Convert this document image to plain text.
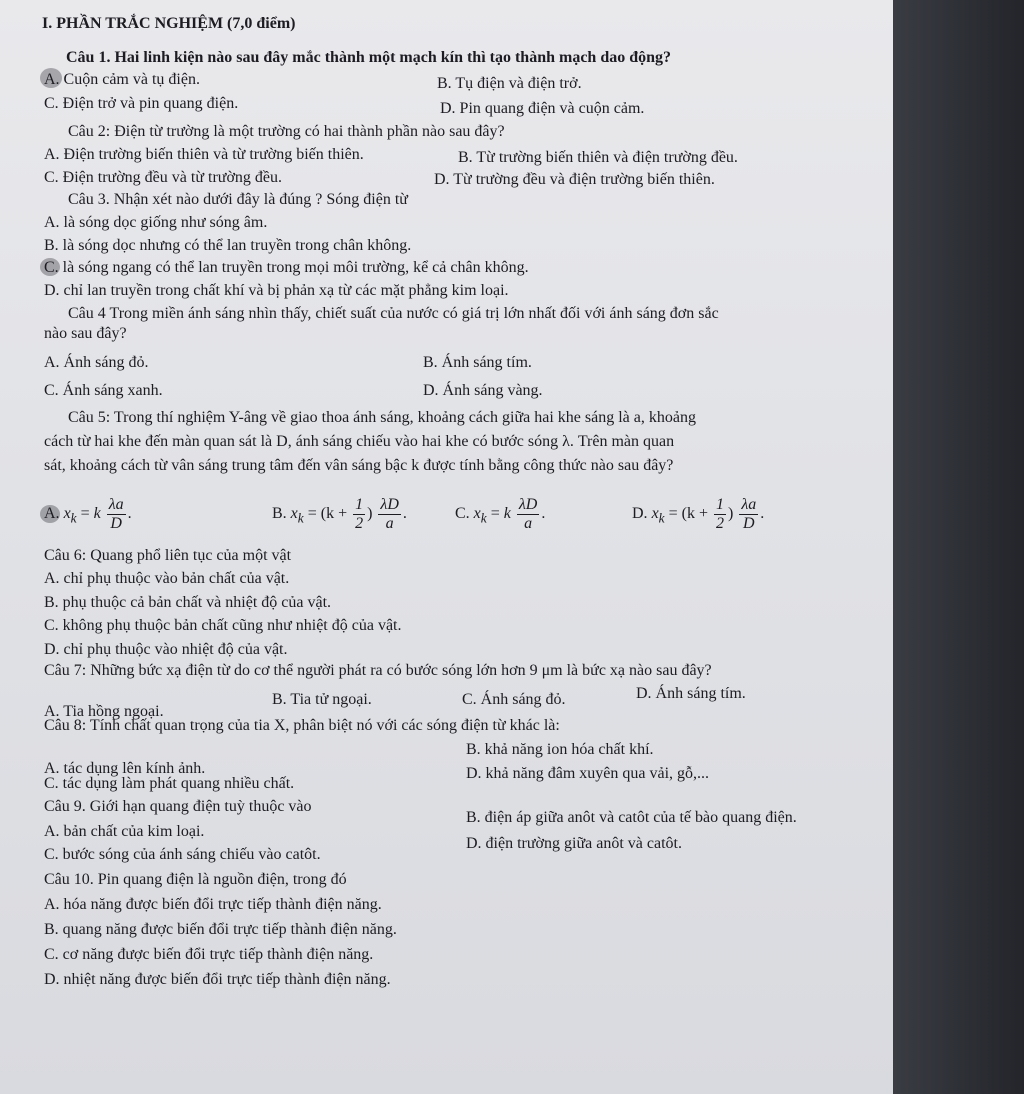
I. PHẦN TRẮC NGHIỆM (7,0 điểm)
Câu 1. Hai linh kiện nào sau đây mắc thành một mạch kín thì tạo thành mạch dao động?
A. Cuộn cảm và tụ điện.	B. Tụ điện và điện trở.
C. Điện trở và pin quang điện.	D. Pin quang điện và cuộn cảm.
Câu 2: Điện từ trường là một trường có hai thành phần nào sau đây?
A. Điện trường biến thiên và từ trường biến thiên.	B. Từ trường biến thiên và điện trường đều.
C. Điện trường đều và từ trường đều.	D. Từ trường đều và điện trường biến thiên.
Câu 3. Nhận xét nào dưới đây là đúng ? Sóng điện từ
A. là sóng dọc giống như sóng âm.
B. là sóng dọc nhưng có thể lan truyền trong chân không.
C. là sóng ngang có thể lan truyền trong mọi môi trường, kể cả chân không.
D. chỉ lan truyền trong chất khí và bị phản xạ từ các mặt phẳng kim loại.
Câu 4 Trong miền ánh sáng nhìn thấy, chiết suất của nước có giá trị lớn nhất đối với ánh sáng đơn sắc
nào sau đây?
A. Ánh sáng đỏ.	B. Ánh sáng tím.
C. Ánh sáng xanh.	D. Ánh sáng vàng.
Câu 5: Trong thí nghiệm Y-âng về giao thoa ánh sáng, khoảng cách giữa hai khe sáng là a, khoảng
cách từ hai khe đến màn quan sát là D, ánh sáng chiếu vào hai khe có bước sóng λ. Trên màn quan
sát, khoảng cách từ vân sáng trung tâm đến vân sáng bậc k được tính bằng công thức nào sau đây?
A. $x_k = k \frac{\lambda a}{D}$ .	B. $x_k = (k + \frac{1}{2}$ ) $\frac{\lambda D}{a}$ .	C. $x_k = k \frac{\lambda D}{a}$ .	D. $x_k = (k + \frac{1}{2}$ ) $\frac{\lambda a}{D}$ .
Câu 6: Quang phổ liên tục của một vật
A. chỉ phụ thuộc vào bản chất của vật.
B. phụ thuộc cả bản chất và nhiệt độ của vật.
C. không phụ thuộc bản chất cũng như nhiệt độ của vật.
D. chỉ phụ thuộc vào nhiệt độ của vật.
Câu 7: Những bức xạ điện từ do cơ thể người phát ra có bước sóng lớn hơn 9 μm là bức xạ nào sau đây?
A. Tia hồng ngoại.
B. Tia tử ngoại.	C. Ánh sáng đỏ.	D. Ánh sáng tím.
Câu 8: Tính chất quan trọng của tia X, phân biệt nó với các sóng điện từ khác là:
A. tác dụng lên kính ảnh.
B. khả năng ion hóa chất khí.
C. tác dụng làm phát quang nhiều chất.
D. khả năng đâm xuyên qua vải, gỗ,...
Câu 9. Giới hạn quang điện tuỳ thuộc vào
A. bản chất của kim loại.
B. điện áp giữa anôt và catôt của tế bào quang điện.
C. bước sóng của ánh sáng chiếu vào catôt.
D. điện trường giữa anôt và catôt.
Câu 10. Pin quang điện là nguồn điện, trong đó
A. hóa năng được biến đổi trực tiếp thành điện năng.
B. quang năng được biến đổi trực tiếp thành điện năng.
C. cơ năng được biến đổi trực tiếp thành điện năng.
D. nhiệt năng được biến đổi trực tiếp thành điện năng.
